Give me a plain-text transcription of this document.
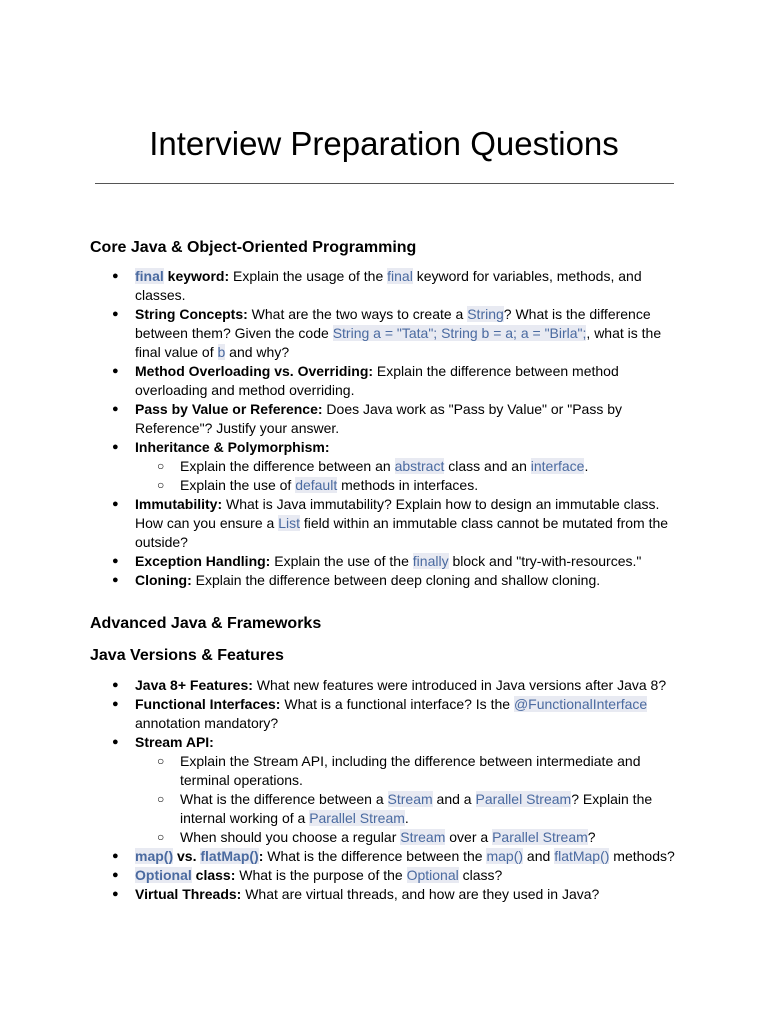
Interview Preparation Questions
Core Java & Object-Oriented Programming
● final keyword: Explain the usage of the final keyword for variables, methods, and classes.
● String Concepts: What are the two ways to create a String? What is the difference between them? Given the code String a = "Tata"; String b = a; a = "Birla";, what is the final value of b and why?
● Method Overloading vs. Overriding: Explain the difference between method overloading and method overriding.
● Pass by Value or Reference: Does Java work as "Pass by Value" or "Pass by Reference"? Justify your answer.
● Inheritance & Polymorphism:
○ Explain the difference between an abstract class and an interface.
○ Explain the use of default methods in interfaces.
● Immutability: What is Java immutability? Explain how to design an immutable class. How can you ensure a List field within an immutable class cannot be mutated from the outside?
● Exception Handling: Explain the use of the finally block and "try-with-resources."
● Cloning: Explain the difference between deep cloning and shallow cloning.
Advanced Java & Frameworks
Java Versions & Features
● Java 8+ Features: What new features were introduced in Java versions after Java 8?
● Functional Interfaces: What is a functional interface? Is the @FunctionalInterface annotation mandatory?
● Stream API:
○ Explain the Stream API, including the difference between intermediate and terminal operations.
○ What is the difference between a Stream and a Parallel Stream? Explain the internal working of a Parallel Stream.
○ When should you choose a regular Stream over a Parallel Stream?
● map() vs. flatMap(): What is the difference between the map() and flatMap() methods?
● Optional class: What is the purpose of the Optional class?
● Virtual Threads: What are virtual threads, and how are they used in Java?
